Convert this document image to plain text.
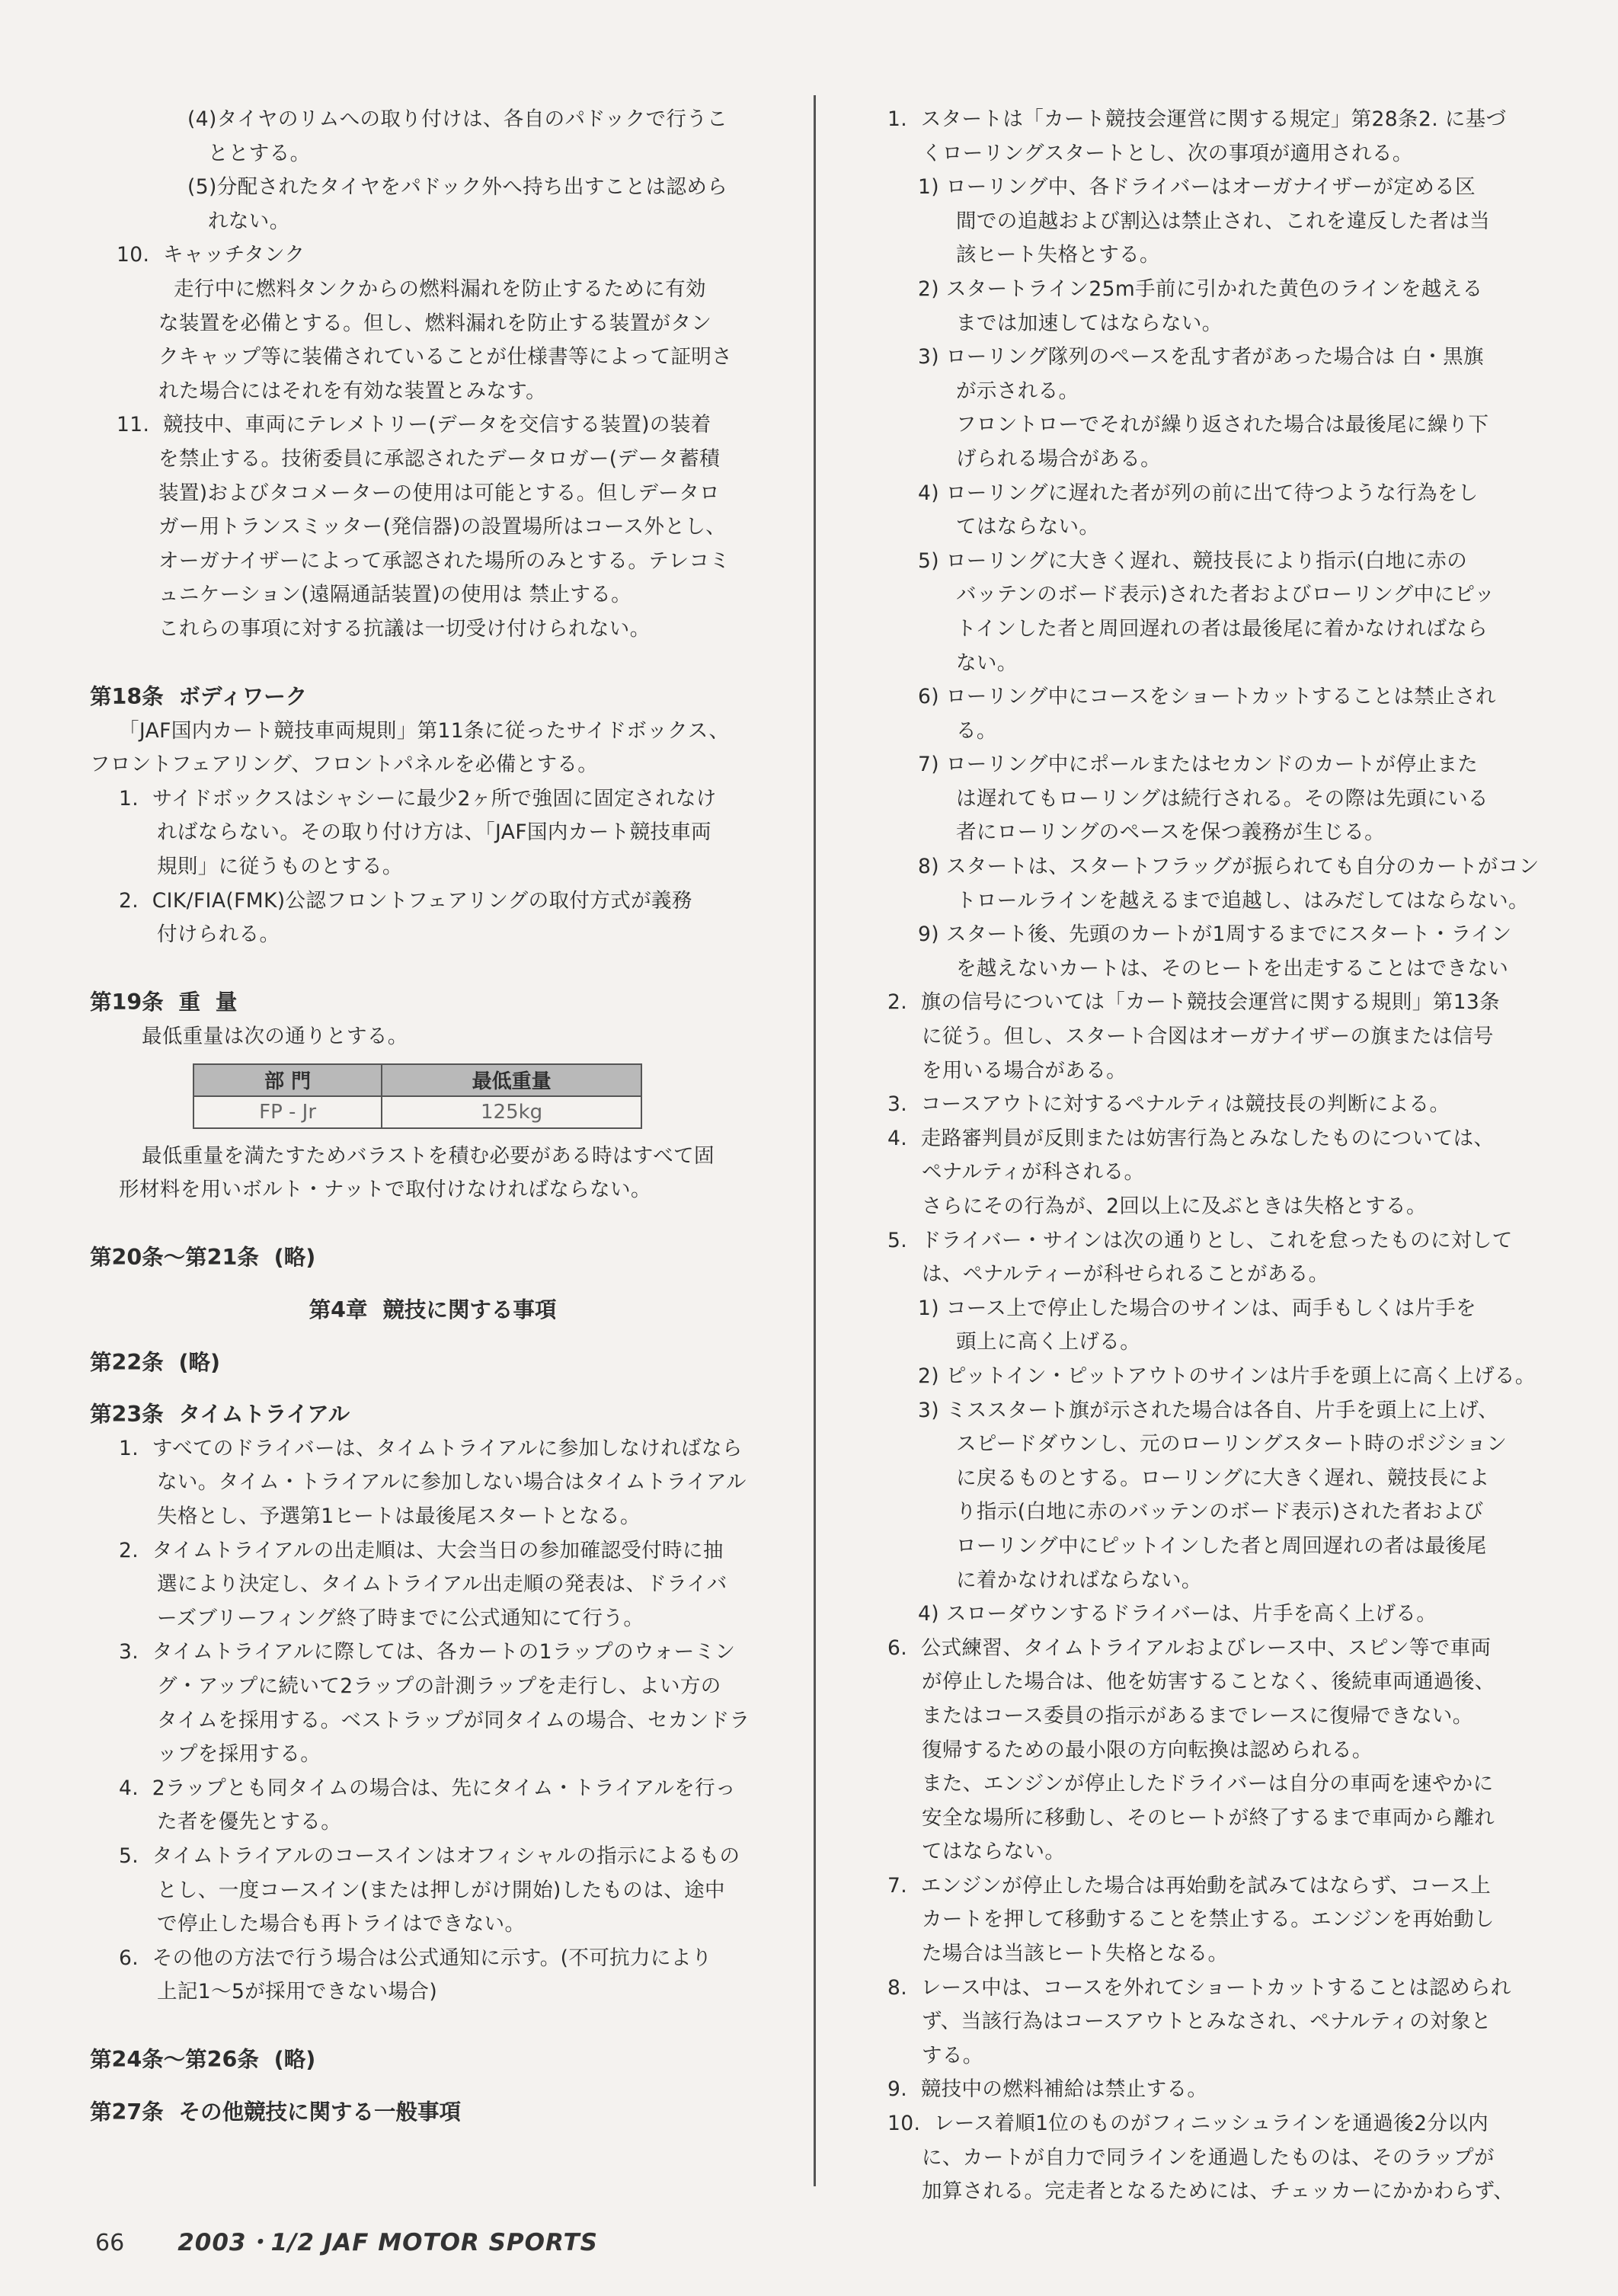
(4)タイヤのリムへの取り付けは、各自のパドックで行うこ
ととする。
(5)分配されたタイヤをパドック外へ持ち出すことは認めら
れない。
10.  キャッチタンク
走行中に燃料タンクからの燃料漏れを防止するために有効
な装置を必備とする。但し、燃料漏れを防止する装置がタン
クキャップ等に装備されていることが仕様書等によって証明さ
れた場合にはそれを有効な装置とみなす。
11.  競技中、車両にテレメトリー(データを交信する装置)の装着
を禁止する。技術委員に承認されたデータロガー(データ蓄積
装置)およびタコメーターの使用は可能とする。但しデータロ
ガー用トランスミッター(発信器)の設置場所はコース外とし、
オーガナイザーによって承認された場所のみとする。テレコミ
ュニケーション(遠隔通話装置)の使用は 禁止する。
これらの事項に対する抗議は一切受け付けられない。
第18条  ボディワーク
「JAF国内カート競技車両規則」第11条に従ったサイドボックス、
フロントフェアリング、フロントパネルを必備とする。
1.  サイドボックスはシャシーに最少2ヶ所で強固に固定されなけ
ればならない。その取り付け方は、「JAF国内カート競技車両
規則」に従うものとする。
2.  CIK/FIA(FMK)公認フロントフェアリングの取付方式が義務
付けられる。
第19条  重  量
最低重量は次の通りとする。
部 門	最低重量
FP - Jr	125kg
最低重量を満たすためバラストを積む必要がある時はすべて固
形材料を用いボルト・ナットで取付けなければならない。
第20条〜第21条  (略)
第4章  競技に関する事項
第22条  (略)
第23条  タイムトライアル
1.  すべてのドライバーは、タイムトライアルに参加しなければなら
ない。タイム・トライアルに参加しない場合はタイムトライアル
失格とし、予選第1ヒートは最後尾スタートとなる。
2.  タイムトライアルの出走順は、大会当日の参加確認受付時に抽
選により決定し、タイムトライアル出走順の発表は、ドライバ
ーズブリーフィング終了時までに公式通知にて行う。
3.  タイムトライアルに際しては、各カートの1ラップのウォーミン
グ・アップに続いて2ラップの計測ラップを走行し、よい方の
タイムを採用する。ベストラップが同タイムの場合、セカンドラ
ップを採用する。
4.  2ラップとも同タイムの場合は、先にタイム・トライアルを行っ
た者を優先とする。
5.  タイムトライアルのコースインはオフィシャルの指示によるもの
とし、一度コースイン(または押しがけ開始)したものは、途中
で停止した場合も再トライはできない。
6.  その他の方法で行う場合は公式通知に示す。(不可抗力により
上記1〜5が採用できない場合)
第24条〜第26条  (略)
第27条  その他競技に関する一般事項
1.  スタートは「カート競技会運営に関する規定」第28条2. に基づ
くローリングスタートとし、次の事項が適用される。
1) ローリング中、各ドライバーはオーガナイザーが定める区
間での追越および割込は禁止され、これを違反した者は当
該ヒート失格とする。
2) スタートライン25m手前に引かれた黄色のラインを越える
までは加速してはならない。
3) ローリング隊列のペースを乱す者があった場合は 白・黒旗
が示される。
フロントローでそれが繰り返された場合は最後尾に繰り下
げられる場合がある。
4) ローリングに遅れた者が列の前に出て待つような行為をし
てはならない。
5) ローリングに大きく遅れ、競技長により指示(白地に赤の
バッテンのボード表示)された者およびローリング中にピッ
トインした者と周回遅れの者は最後尾に着かなければなら
ない。
6) ローリング中にコースをショートカットすることは禁止され
る。
7) ローリング中にポールまたはセカンドのカートが停止また
は遅れてもローリングは続行される。その際は先頭にいる
者にローリングのペースを保つ義務が生じる。
8) スタートは、スタートフラッグが振られても自分のカートがコン
トロールラインを越えるまで追越し、はみだしてはならない。
9) スタート後、先頭のカートが1周するまでにスタート・ライン
を越えないカートは、そのヒートを出走することはできない
2.  旗の信号については「カート競技会運営に関する規則」第13条
に従う。但し、スタート合図はオーガナイザーの旗または信号
を用いる場合がある。
3.  コースアウトに対するペナルティは競技長の判断による。
4.  走路審判員が反則または妨害行為とみなしたものについては、
ペナルティが科される。
さらにその行為が、2回以上に及ぶときは失格とする。
5.  ドライバー・サインは次の通りとし、これを怠ったものに対して
は、ペナルティーが科せられることがある。
1) コース上で停止した場合のサインは、両手もしくは片手を
頭上に高く上げる。
2) ピットイン・ピットアウトのサインは片手を頭上に高く上げる。
3) ミススタート旗が示された場合は各自、片手を頭上に上げ、
スピードダウンし、元のローリングスタート時のポジション
に戻るものとする。ローリングに大きく遅れ、競技長によ
り指示(白地に赤のバッテンのボード表示)された者および
ローリング中にピットインした者と周回遅れの者は最後尾
に着かなければならない。
4) スローダウンするドライバーは、片手を高く上げる。
6.  公式練習、タイムトライアルおよびレース中、スピン等で車両
が停止した場合は、他を妨害することなく、後続車両通過後、
またはコース委員の指示があるまでレースに復帰できない。
復帰するための最小限の方向転換は認められる。
また、エンジンが停止したドライバーは自分の車両を速やかに
安全な場所に移動し、そのヒートが終了するまで車両から離れ
てはならない。
7.  エンジンが停止した場合は再始動を試みてはならず、コース上
カートを押して移動することを禁止する。エンジンを再始動し
た場合は当該ヒート失格となる。
8.  レース中は、コースを外れてショートカットすることは認められ
ず、当該行為はコースアウトとみなされ、ペナルティの対象と
する。
9.  競技中の燃料補給は禁止する。
10.  レース着順1位のものがフィニッシュラインを通過後2分以内
に、カートが自力で同ラインを通過したものは、そのラップが
加算される。完走者となるためには、チェッカーにかかわらず、
66 2003・1/2 JAF MOTOR SPORTS
